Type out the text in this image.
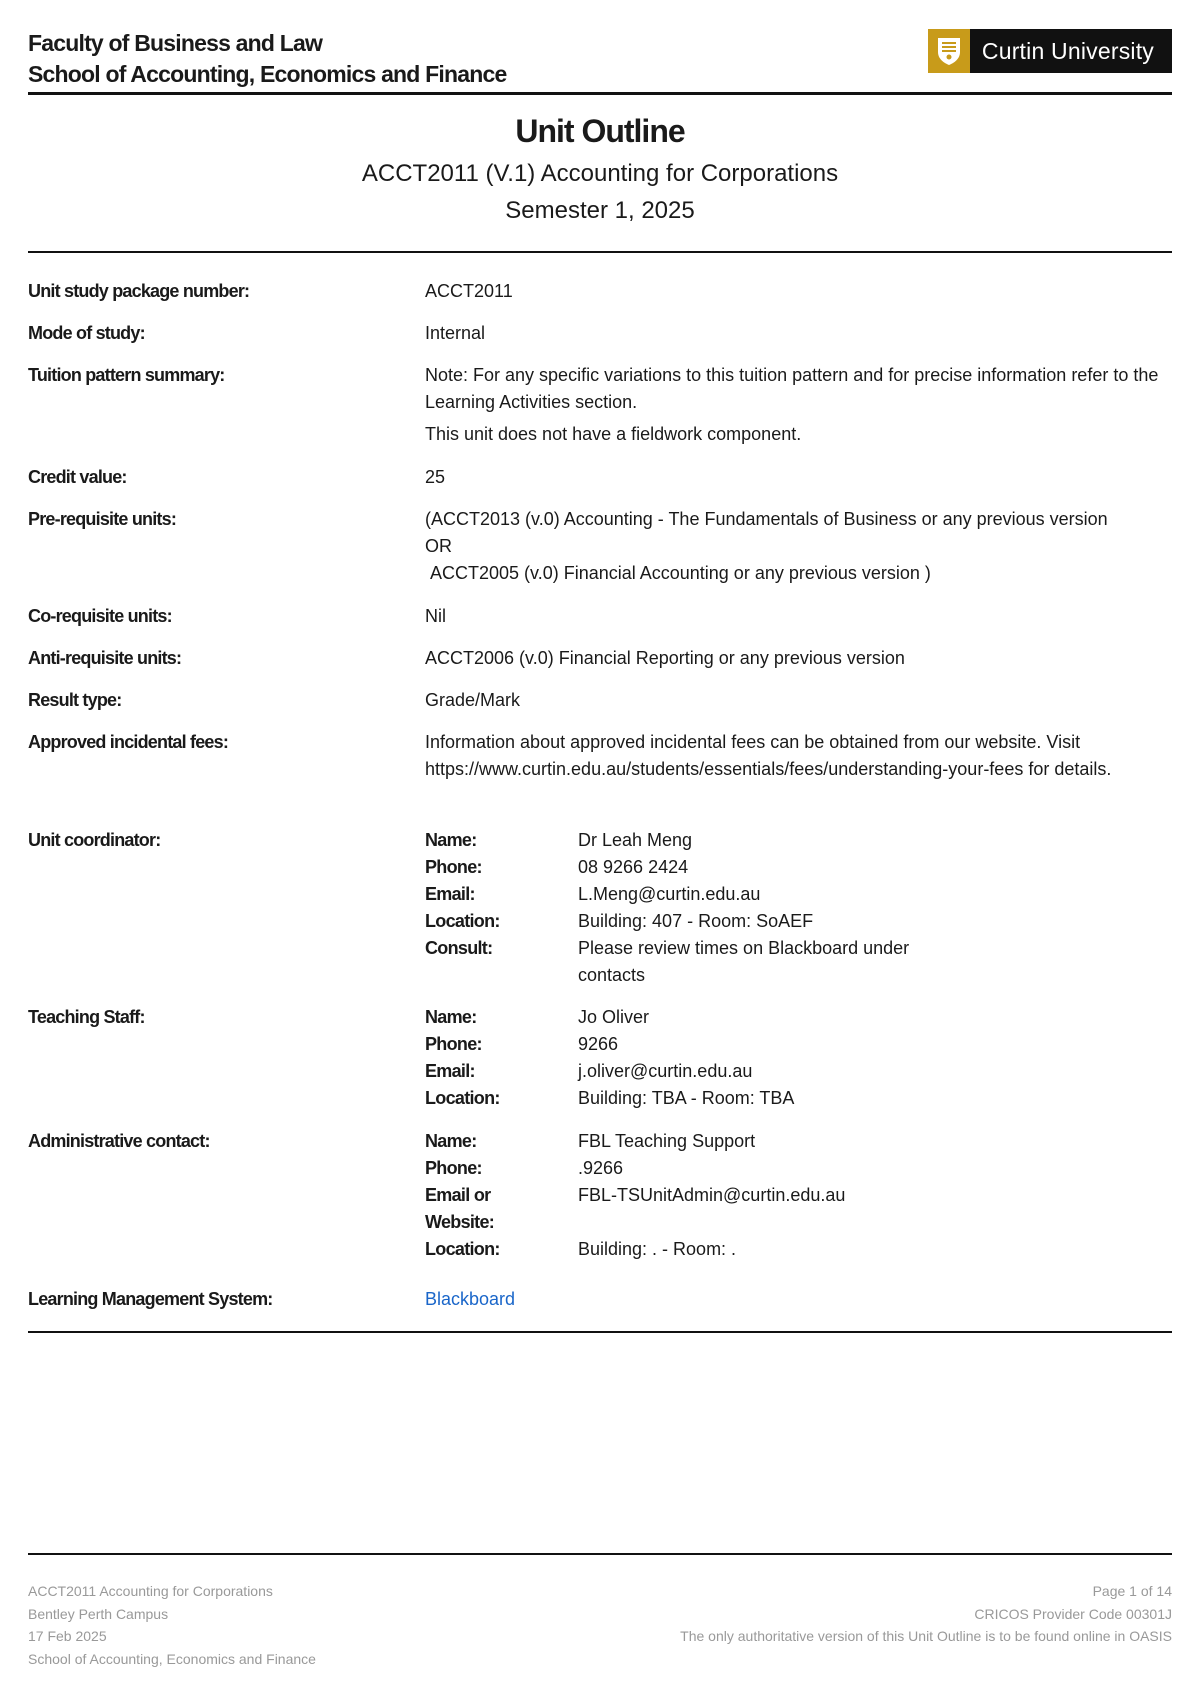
Faculty of Business and Law
School of Accounting, Economics and Finance
Curtin University
Unit Outline
ACCT2011 (V.1) Accounting for Corporations
Semester 1, 2025
Unit study package number:	ACCT2011
Mode of study:	Internal
Tuition pattern summary:	Note: For any specific variations to this tuition pattern and for precise information refer to the Learning Activities section.

This unit does not have a fieldwork component.

Credit value:	25
Pre-requisite units:	(ACCT2013 (v.0) Accounting - The Fundamentals of Business or any previous version

OR

ACCT2005 (v.0) Financial Accounting or any previous version )

Co-requisite units:	Nil
Anti-requisite units:	ACCT2006 (v.0) Financial Reporting or any previous version
Result type:	Grade/Mark
Approved incidental fees:	Information about approved incidental fees can be obtained from our website. Visit https://www.curtin.edu.au/students/essentials/fees/understanding-your-fees for details.
Unit coordinator:	Name:	Dr Leah Meng
Phone:	08 9266 2424
Email:	L.Meng@curtin.edu.au
Location:	Building: 407 - Room: SoAEF
Consult:	Please review times on Blackboard under
contacts
Teaching Staff:	Name:	Jo Oliver
Phone:	9266
Email:	j.oliver@curtin.edu.au
Location:	Building: TBA - Room: TBA
Administrative contact:	Name:	FBL Teaching Support
Phone:	.9266
Email or	FBL-TSUnitAdmin@curtin.edu.au
Website:
Location:	Building: . - Room: .
Learning Management System:	Blackboard
ACCT2011 Accounting for Corporations
Bentley Perth Campus
17 Feb 2025
School of Accounting, Economics and Finance
Page 1 of 14
CRICOS Provider Code 00301J
The only authoritative version of this Unit Outline is to be found online in OASIS
